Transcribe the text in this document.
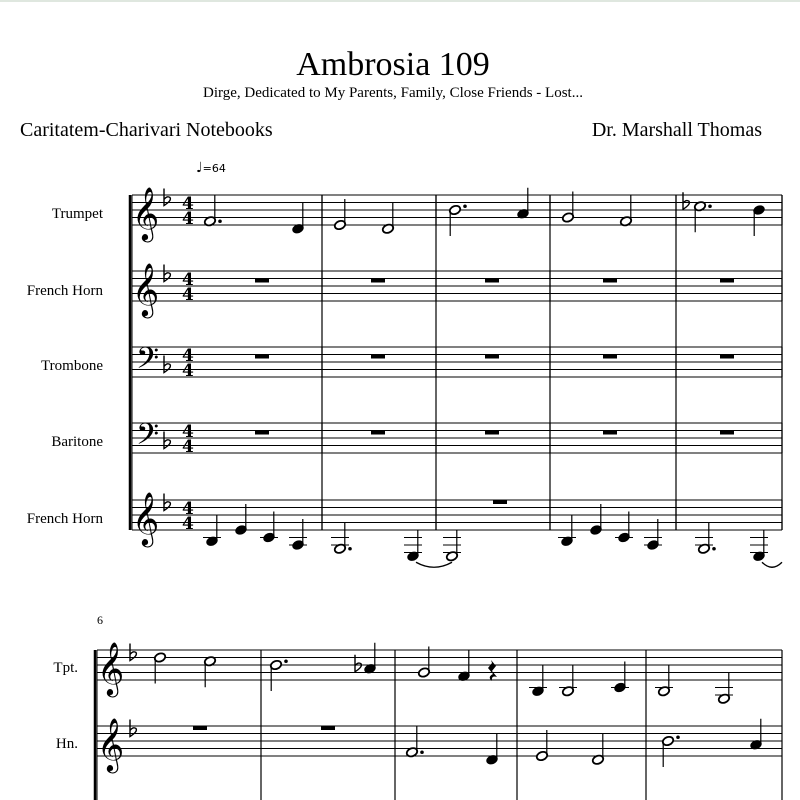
Ambrosia 109
Dirge, Dedicated to My Parents, Family, Close Friends - Lost...
Caritatem-Charivari Notebooks	Dr. Marshall Thomas
♩=64
Trumpet
French Horn
Trombone
Baritone
French Horn
Tpt.
Hn.
6
𝄞 4
4
𝄞 4
4
𝄢 4
4
𝄢 4
4
𝄞 4
4
𝄞
𝄞
